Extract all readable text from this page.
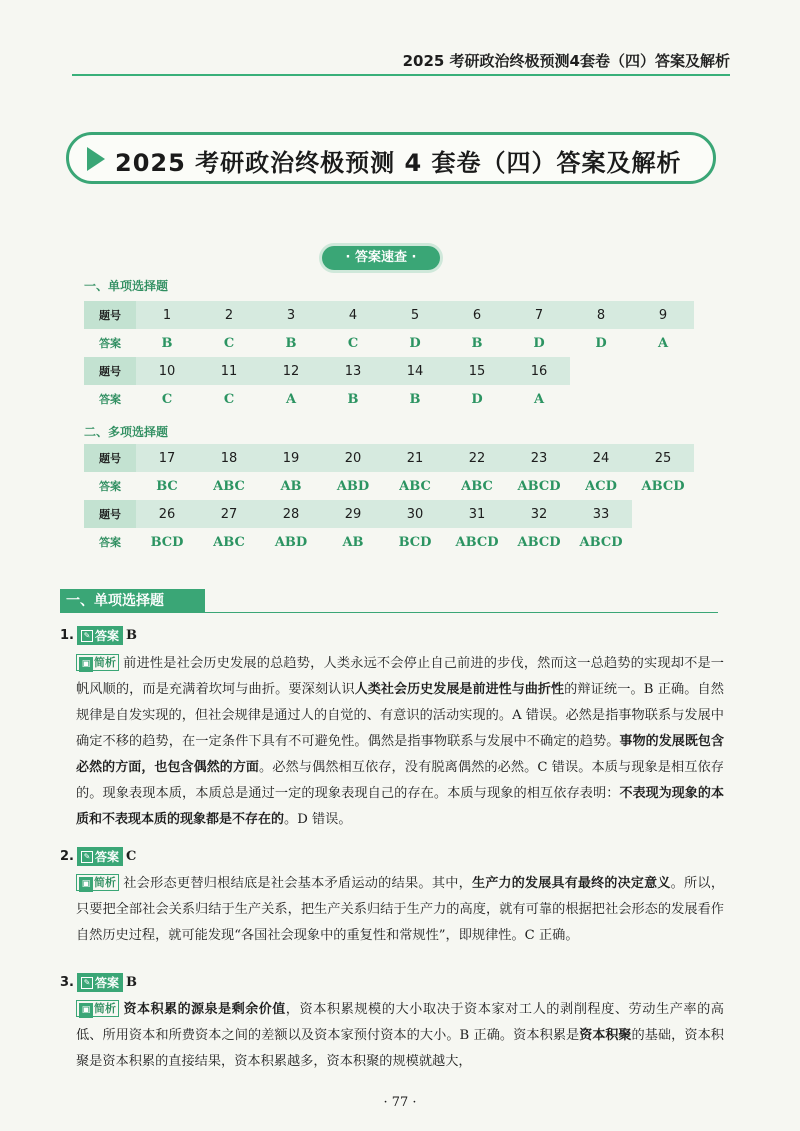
2025 考研政治终极预测4套卷（四）答案及解析
2025 考研政治终极预测 4 套卷（四）答案及解析
· 答案速查 ·
一、单项选择题
题号	1	2	3	4	5	6	7	8	9
答案	B	C	B	C	D	B	D	D	A
题号	10	11	12	13	14	15	16		
答案	C	C	A	B	B	D	A		
二、多项选择题
题号	17	18	19	20	21	22	23	24	25
答案	BC	ABC	AB	ABD	ABC	ABC	ABCD	ACD	ABCD
题号	26	27	28	29	30	31	32	33	
答案	BCD	ABC	ABD	AB	BCD	ABCD	ABCD	ABCD	
一、单项选择题
1.	✎ 答案 B
▣ 简析 前进性是社会历史发展的总趋势，人类永远不会停止自己前进的步伐，然而这一总趋势的实现却不是一帆风顺的，而是充满着坎坷与曲折。要深刻认识人类社会历史发展是前进性与曲折性的辩证统一。B 正确。自然规律是自发实现的，但社会规律是通过人的自觉的、有意识的活动实现的。A 错误。必然是指事物联系与发展中确定不移的趋势，在一定条件下具有不可避免性。偶然是指事物联系与发展中不确定的趋势。事物的发展既包含必然的方面，也包含偶然的方面。必然与偶然相互依存，没有脱离偶然的必然。C 错误。本质与现象是相互依存的。现象表现本质，本质总是通过一定的现象表现自己的存在。本质与现象的相互依存表明：不表现为现象的本质和不表现本质的现象都是不存在的。D 错误。
2.	✎ 答案 C
▣ 简析 社会形态更替归根结底是社会基本矛盾运动的结果。其中，生产力的发展具有最终的决定意义。所以，只要把全部社会关系归结于生产关系，把生产关系归结于生产力的高度，就有可靠的根据把社会形态的发展看作自然历史过程，就可能发现“各国社会现象中的重复性和常规性”，即规律性。C 正确。
3.	✎ 答案 B
▣ 简析 资本积累的源泉是剩余价值，资本积累规模的大小取决于资本家对工人的剥削程度、劳动生产率的高低、所用资本和所费资本之间的差额以及资本家预付资本的大小。B 正确。资本积累是资本积聚的基础，资本积聚是资本积累的直接结果，资本积累越多，资本积聚的规模就越大，
· 77 ·
